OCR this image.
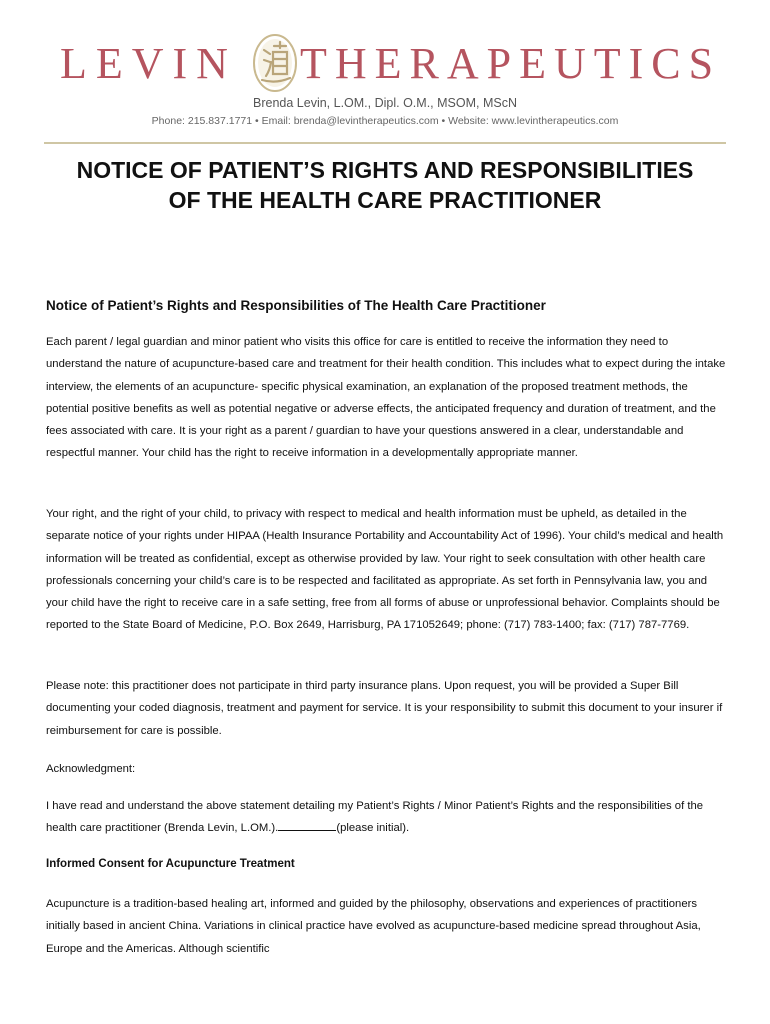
LEVIN THERAPEUTICS
Brenda Levin, L.OM., Dipl. O.M., MSOM, MScN
Phone: 215.837.1771 • Email: brenda@levintherapeutics.com • Website: www.levintherapeutics.com
NOTICE OF PATIENT’S RIGHTS AND RESPONSIBILITIES OF THE HEALTH CARE PRACTITIONER
Notice of Patient’s Rights and Responsibilities of The Health Care Practitioner
Each parent / legal guardian and minor patient who visits this office for care is entitled to receive the information they need to understand the nature of acupuncture-based care and treatment for their health condition. This includes what to expect during the intake interview, the elements of an acupuncture- specific physical examination, an explanation of the proposed treatment methods, the potential positive benefits as well as potential negative or adverse effects, the anticipated frequency and duration of treatment, and the fees associated with care. It is your right as a parent / guardian to have your questions answered in a clear, understandable and respectful manner. Your child has the right to receive information in a developmentally appropriate manner.
Your right, and the right of your child, to privacy with respect to medical and health information must be upheld, as detailed in the separate notice of your rights under HIPAA (Health Insurance Portability and Accountability Act of 1996). Your child’s medical and health information will be treated as confidential, except as otherwise provided by law. Your right to seek consultation with other health care professionals concerning your child’s care is to be respected and facilitated as appropriate. As set forth in Pennsylvania law, you and your child have the right to receive care in a safe setting, free from all forms of abuse or unprofessional behavior. Complaints should be reported to the State Board of Medicine, P.O. Box 2649, Harrisburg, PA 171052649; phone: (717) 783-1400; fax: (717) 787-7769.
Please note: this practitioner does not participate in third party insurance plans. Upon request, you will be provided a Super Bill documenting your coded diagnosis, treatment and payment for service. It is your responsibility to submit this document to your insurer if reimbursement for care is possible.
Acknowledgment:
I have read and understand the above statement detailing my Patient’s Rights / Minor Patient’s Rights and the responsibilities of the health care practitioner (Brenda Levin, L.OM.).	(please initial).
Informed Consent for Acupuncture Treatment
Acupuncture is a tradition-based healing art, informed and guided by the philosophy, observations and experiences of practitioners initially based in ancient China. Variations in clinical practice have evolved as acupuncture-based medicine spread throughout Asia, Europe and the Americas. Although scientific
